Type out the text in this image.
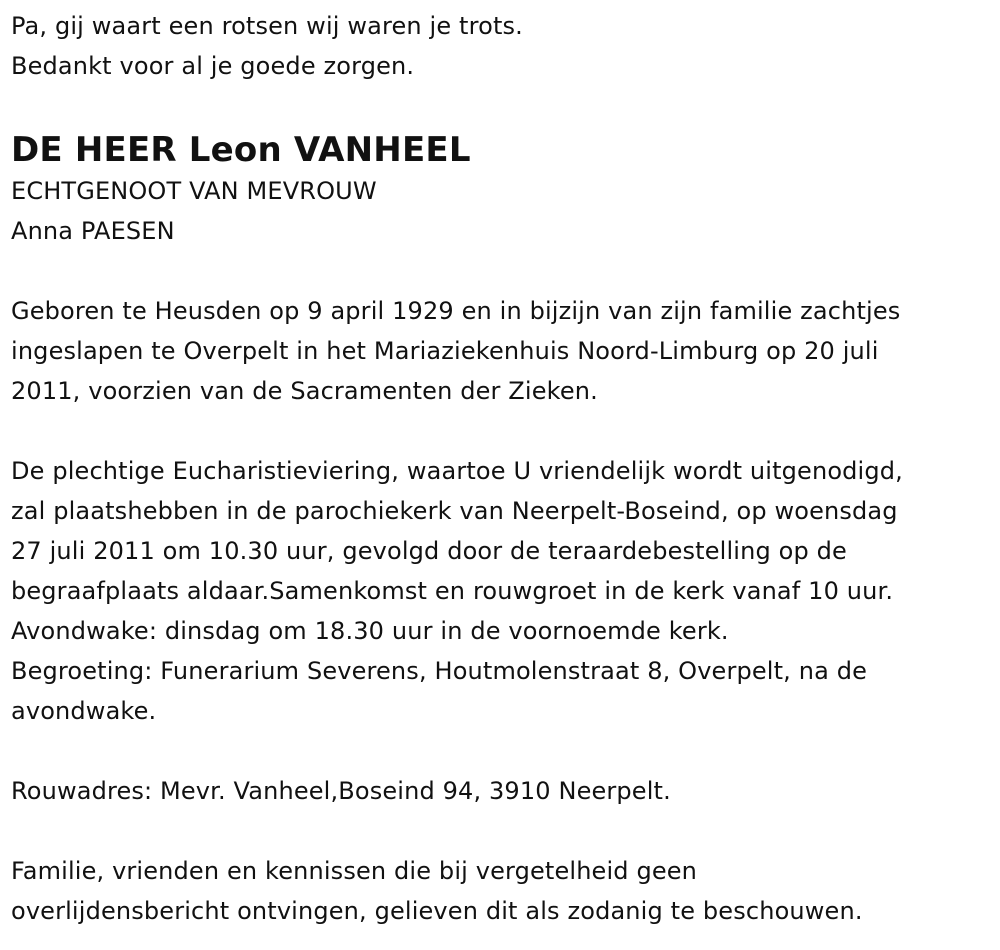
Pa, gij waart een rotsen wij waren je trots.
Bedankt voor al je goede zorgen.
DE HEER Leon VANHEEL
ECHTGENOOT VAN MEVROUW
Anna PAESEN
Geboren te Heusden op 9 april 1929 en in bijzijn van zijn familie zachtjes
ingeslapen te Overpelt in het Mariaziekenhuis Noord-Limburg op 20 juli
2011, voorzien van de Sacramenten der Zieken.
De plechtige Eucharistieviering, waartoe U vriendelijk wordt uitgenodigd,
zal plaatshebben in de parochiekerk van Neerpelt-Boseind, op woensdag
27 juli 2011 om 10.30 uur, gevolgd door de teraardebestelling op de
begraafplaats aldaar.Samenkomst en rouwgroet in de kerk vanaf 10 uur.
Avondwake: dinsdag om 18.30 uur in de voornoemde kerk.
Begroeting: Funerarium Severens, Houtmolenstraat 8, Overpelt, na de
avondwake.
Rouwadres: Mevr. Vanheel,Boseind 94, 3910 Neerpelt.
Familie, vrienden en kennissen die bij vergetelheid geen
overlijdensbericht ontvingen, gelieven dit als zodanig te beschouwen.
